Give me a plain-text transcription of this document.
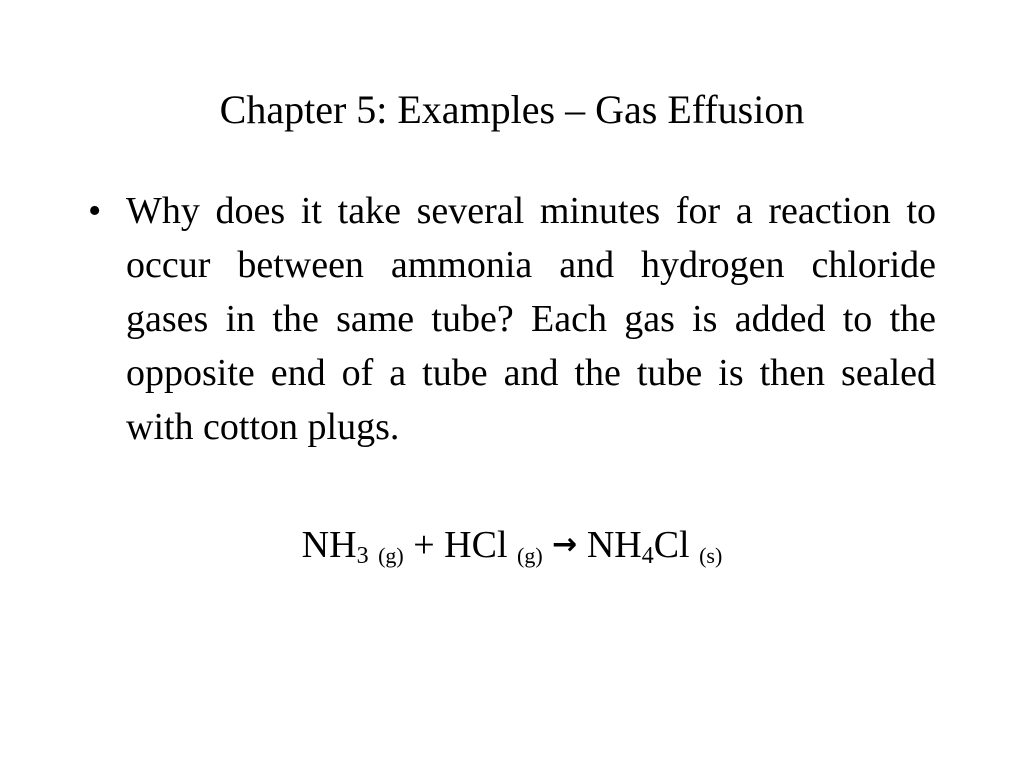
Chapter 5: Examples – Gas Effusion
• Why does it take several minutes for a reaction to occur between ammonia and hydrogen chloride gases in the same tube? Each gas is added to the opposite end of a tube and the tube is then sealed with cotton plugs.

$NH_3$ (g) + HCl $(g) \to NH_4Cl$ (s)
